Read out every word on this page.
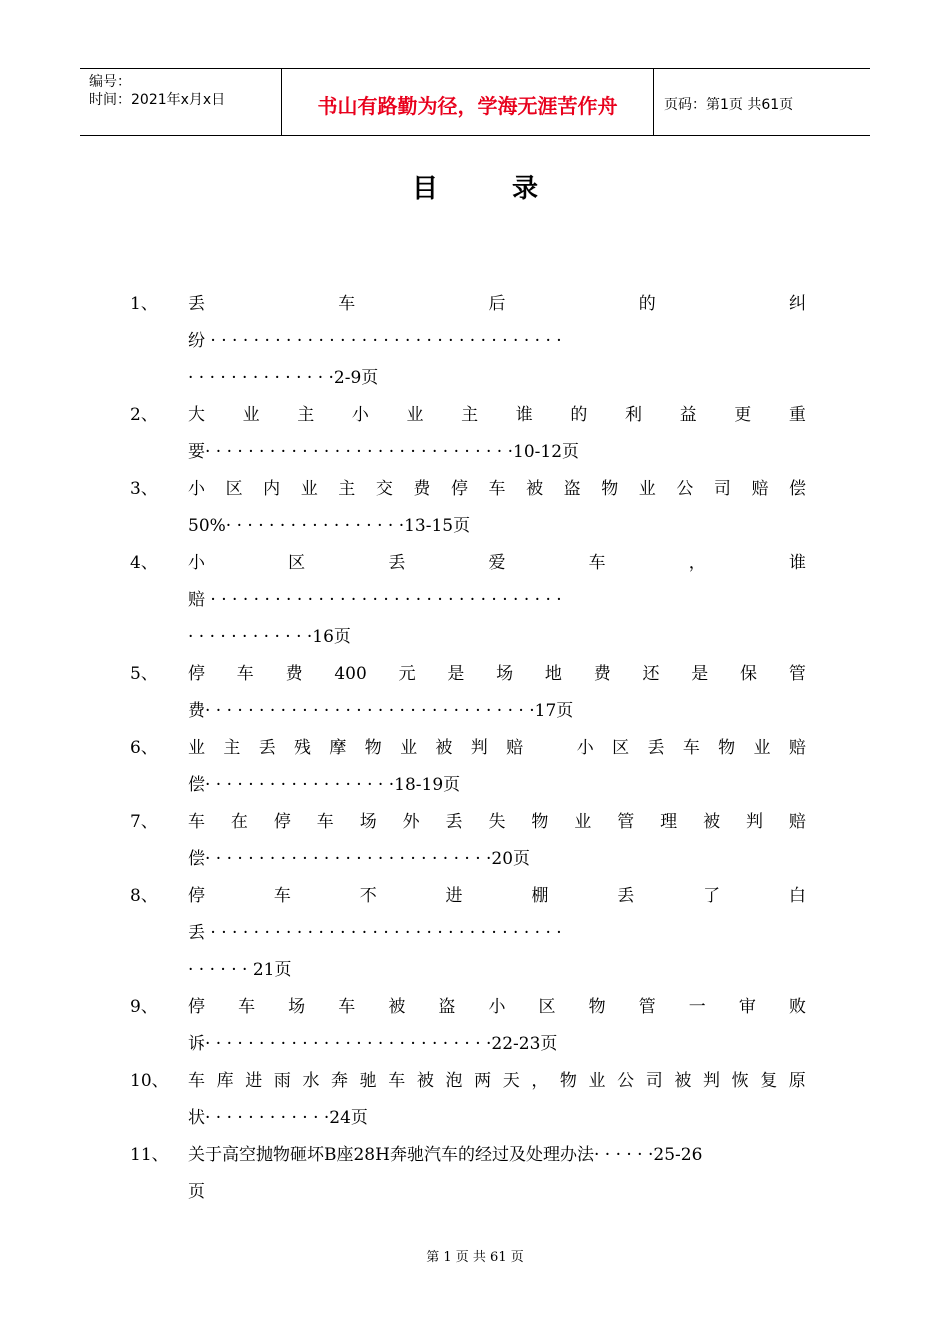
编号：
时间：2021年x月x日	书山有路勤为径，学海无涯苦作舟	页码：第1页 共61页
目录
1、 丢	车	后	的	纠
纷 · · · · · · · · · · · · · · · · · · · · · · · · · · · · · · · · ·
· · · · · · · · · · · · · ·2-9页
2、 大 业 主 小 业 主 谁 的 利 益 更 重
要· · · · · · · · · · · · · · · · · · · · · · · · · · · · ·10-12页
3、 小 区 内 业 主 交 费 停 车 被 盗 物 业 公 司 赔 偿
50%· · · · · · · · · · · · · · · · ·13-15页
4、 小	区	丢	爱	车	，	谁
赔 · · · · · · · · · · · · · · · · · · · · · · · · · · · · · · · · ·
· · · · · · · · · · · ·16页
5、 停 车 费 400 元 是 场 地 费 还 是 保 管
费· · · · · · · · · · · · · · · · · · · · · · · · · · · · · · ·17页
6、 业 主 丢 残 摩 物 业 被 判 赔
　	小 区 丢 车 物 业 赔
偿· · · · · · · · · · · · · · · · · ·18-19页
7、 车 在 停 车 场 外 丢 失 物 业 管 理 被 判 赔
偿· · · · · · · · · · · · · · · · · · · · · · · · · · ·20页
8、 停	车	不	进	棚	丢	了	白
丢 · · · · · · · · · · · · · · · · · · · · · · · · · · · · · · · · ·
· · · · · · 21页
9、 停 车 场 车 被 盗 小 区 物 管 一 审 败
诉· · · · · · · · · · · · · · · · · · · · · · · · · · ·22-23页
10、 车 库 进 雨 水 奔 驰 车 被 泡 两 天 ， 物 业 公 司 被 判 恢 复 原
状· · · · · · · · · · · ·24页
11、 关于高空抛物砸坏B座28H奔驰汽车的经过及处理办法· · · · · ·25-26
页
第 1 页 共 61 页
